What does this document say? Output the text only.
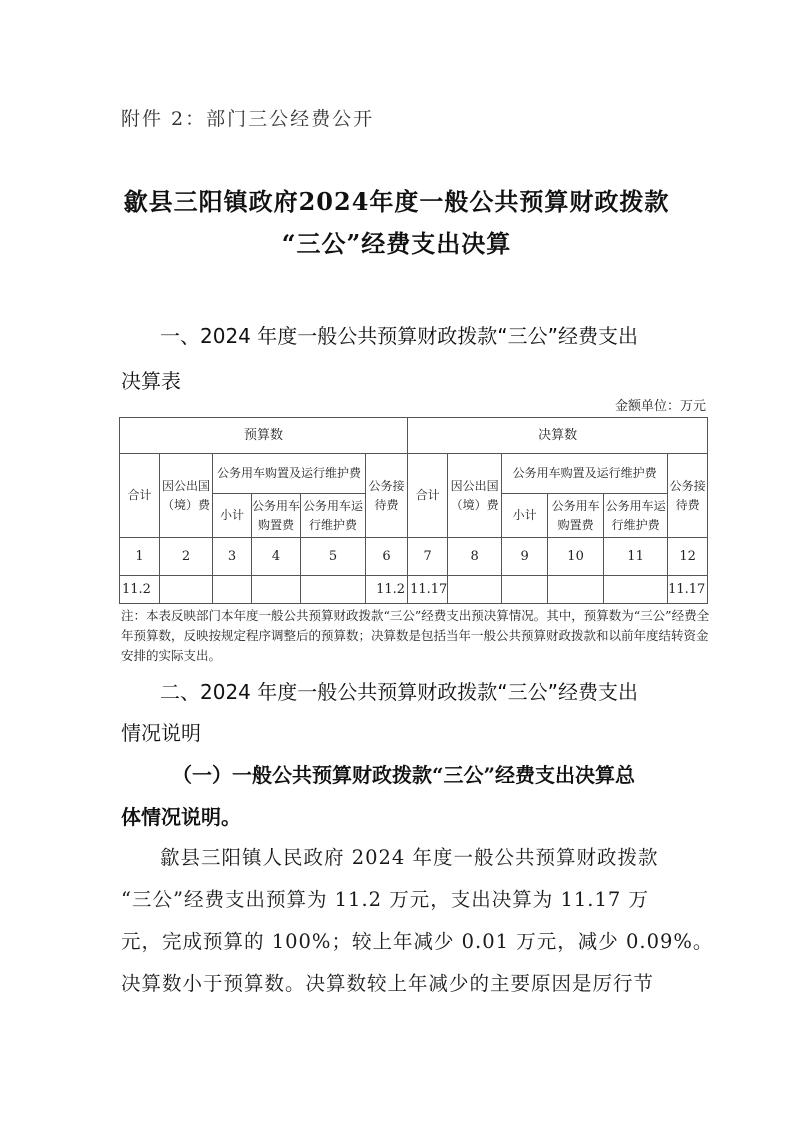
附件 2：部门三公经费公开
歙县三阳镇政府2024年度一般公共预算财政拨款
“三公”经费支出决算
一、2024 年度一般公共预算财政拨款“三公”经费支出
决算表
金额单位：万元
预算数						决算数					
合计	因公出国（境）费	公务用车购置及运行维护费			公务接待费	合计	因公出国（境）费	公务用车购置及运行维护费			公务接待费
		小计	公务用车购置费	公务用车运行维护费				小计	公务用车购置费	公务用车运行维护费	
1	2	3	4	5	6	7	8	9	10	11	12
11.2					11.2	11.17					11.17
注：本表反映部门本年度一般公共预算财政拨款“三公”经费支出预决算情况。其中，预算数为“三公”经费全年预算数，反映按规定程序调整后的预算数；决算数是包括当年一般公共预算财政拨款和以前年度结转资金安排的实际支出。
二、2024 年度一般公共预算财政拨款“三公”经费支出
情况说明
（一）一般公共预算财政拨款“三公”经费支出决算总
体情况说明。
歙县三阳镇人民政府 2024 年度一般公共预算财政拨款
“三公”经费支出预算为 11.2 万元，支出决算为 11.17 万
元，完成预算的 100%；较上年减少 0.01 万元，减少 0.09%。
决算数小于预算数。决算数较上年减少的主要原因是厉行节
